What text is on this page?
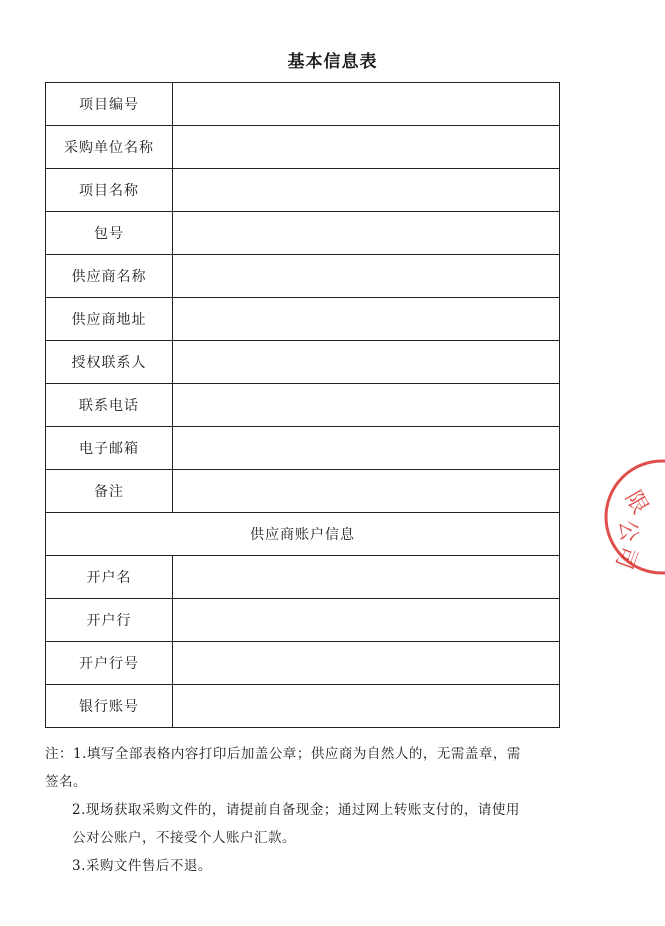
基本信息表
项目编号	
采购单位名称	
项目名称	
包号	
供应商名称	
供应商地址	
授权联系人	
联系电话	
电子邮箱	
备注	
供应商账户信息	
开户名	
开户行	
开户行号	
银行账号	

注：1.填写全部表格内容打印后加盖公章；供应商为自然人的，无需盖章，需

签名。

2.现场获取采购文件的，请提前自备现金；通过网上转账支付的，请使用

公对公账户，不接受个人账户汇款。

3.采购文件售后不退。

限
公
司
